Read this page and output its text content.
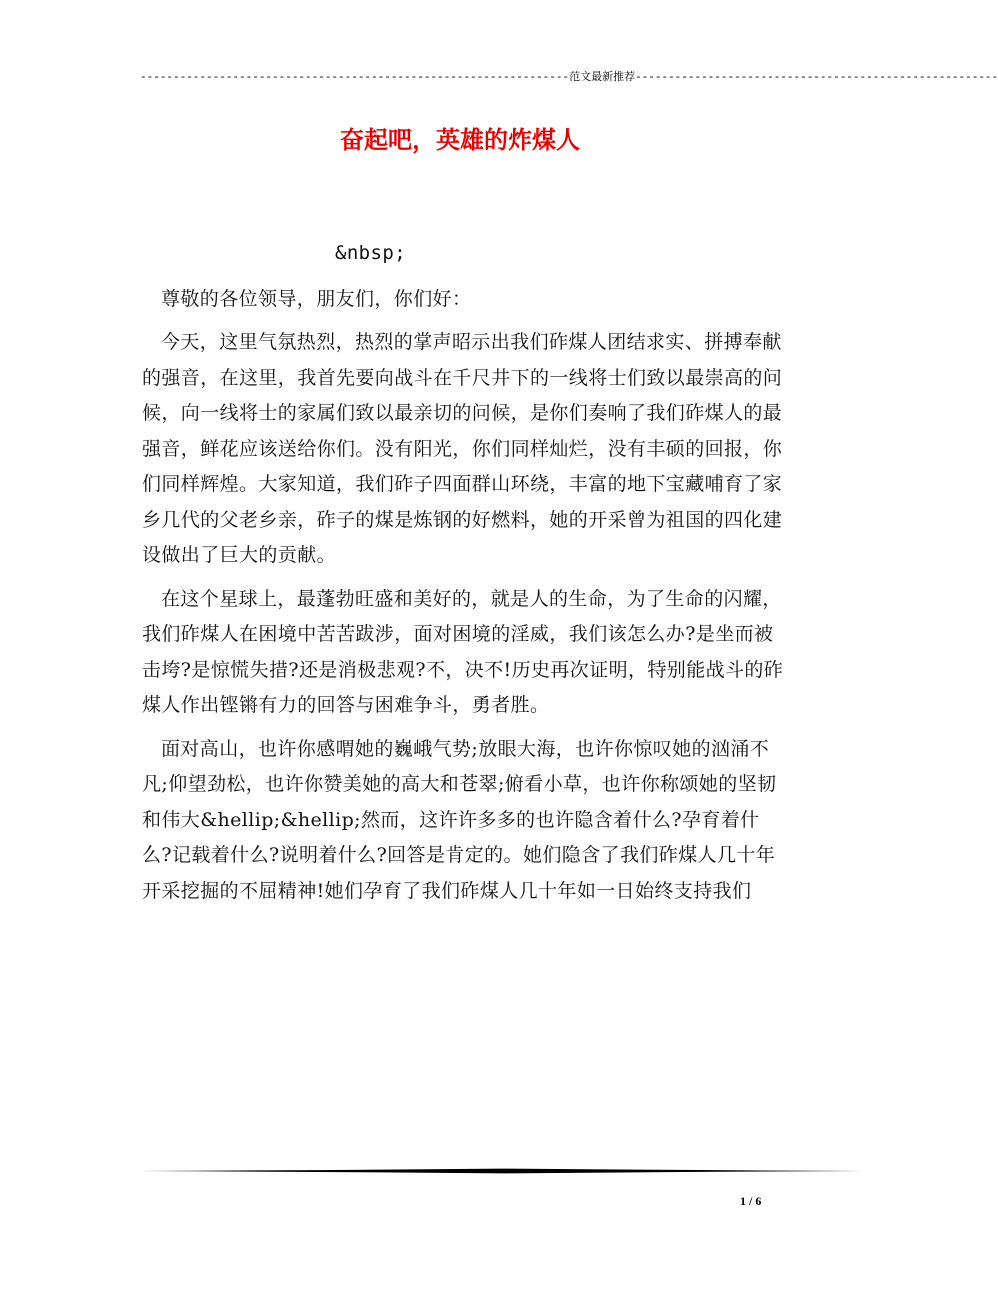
-----------------------------------------------------------------范文最新推荐-------------------------------------------------------
奋起吧，英雄的炸煤人

&nbsp;

尊敬的各位领导，朋友们，你们好：

今天，这里气氛热烈，热烈的掌声昭示出我们砟煤人团结求实、拼搏奉献的强音，在这里，我首先要向战斗在千尺井下的一线将士们致以最崇高的问候，向一线将士的家属们致以最亲切的问候，是你们奏响了我们砟煤人的最强音，鲜花应该送给你们。没有阳光，你们同样灿烂，没有丰硕的回报，你们同样辉煌。大家知道，我们砟子四面群山环绕，丰富的地下宝藏哺育了家乡几代的父老乡亲，砟子的煤是炼钢的好燃料，她的开采曾为祖国的四化建设做出了巨大的贡献。

在这个星球上，最蓬勃旺盛和美好的，就是人的生命，为了生命的闪耀，我们砟煤人在困境中苦苦跋涉，面对困境的淫威，我们该怎么办?是坐而被击垮?是惊慌失措?还是消极悲观?不，决不!历史再次证明，特别能战斗的砟煤人作出铿锵有力的回答与困难争斗，勇者胜。

面对高山，也许你感喟她的巍峨气势;放眼大海，也许你惊叹她的汹涌不凡;仰望劲松，也许你赞美她的高大和苍翠;俯看小草，也许你称颂她的坚韧和伟大&hellip;&hellip;然而，这许许多多的也许隐含着什么?孕育着什么?记载着什么?说明着什么?回答是肯定的。她们隐含了我们砟煤人几十年开采挖掘的不屈精神!她们孕育了我们砟煤人几十年如一日始终支持我们

1 / 6
